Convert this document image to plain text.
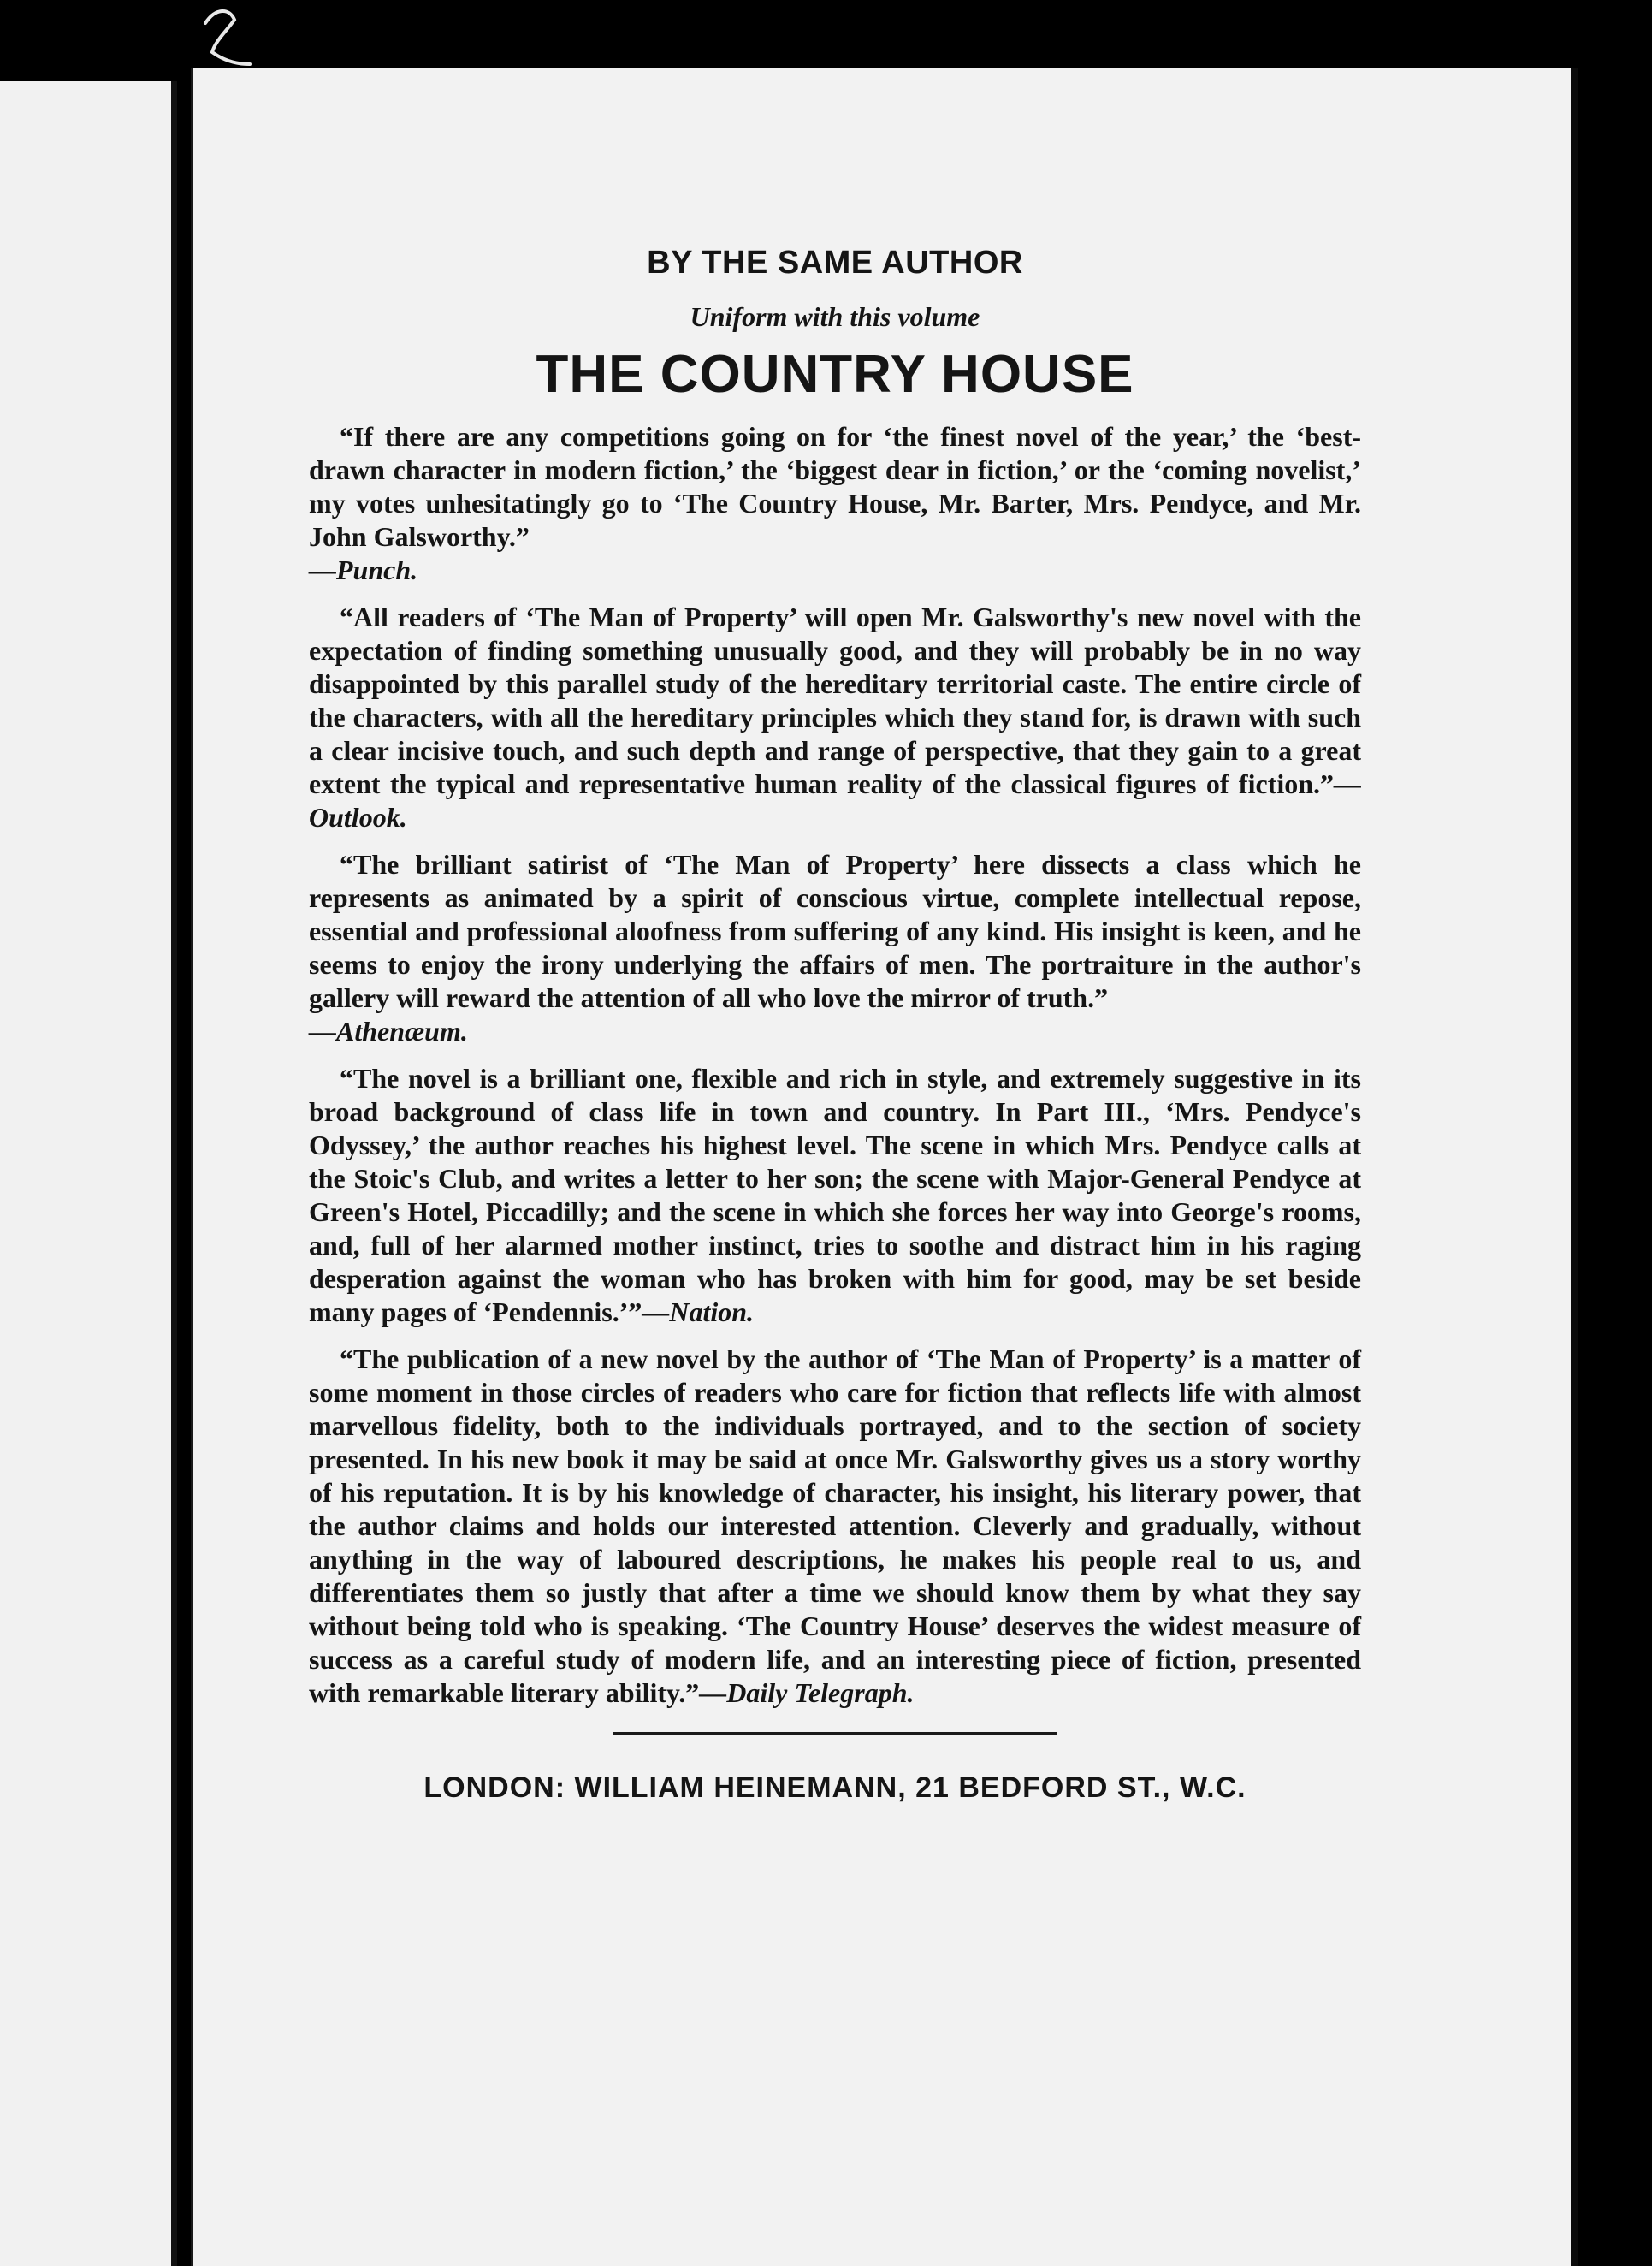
BY THE SAME AUTHOR
Uniform with this volume
THE COUNTRY HOUSE

“If there are any competitions going on for ‘the finest novel of the year,’ the ‘best-drawn character in modern fiction,’ the ‘biggest dear in fiction,’ or the ‘coming novelist,’ my votes unhesitatingly go to ‘The Country House, Mr. Barter, Mrs. Pendyce, and Mr. John Galsworthy.”
—Punch.

“All readers of ‘The Man of Property’ will open Mr. Galsworthy's new novel with the expectation of finding something unusually good, and they will probably be in no way disappointed by this parallel study of the hereditary territorial caste. The entire circle of the characters, with all the hereditary principles which they stand for, is drawn with such a clear incisive touch, and such depth and range of perspective, that they gain to a great extent the typical and representative human reality of the classical figures of fiction.”—Outlook.

“The brilliant satirist of ‘The Man of Property’ here dissects a class which he represents as animated by a spirit of conscious virtue, complete intellectual repose, essential and professional aloofness from suffering of any kind. His insight is keen, and he seems to enjoy the irony underlying the affairs of men. The portraiture in the author's gallery will reward the attention of all who love the mirror of truth.”
—Athenæum.

“The novel is a brilliant one, flexible and rich in style, and extremely suggestive in its broad background of class life in town and country. In Part III., ‘Mrs. Pendyce's Odyssey,’ the author reaches his highest level. The scene in which Mrs. Pendyce calls at the Stoic's Club, and writes a letter to her son; the scene with Major-General Pendyce at Green's Hotel, Piccadilly; and the scene in which she forces her way into George's rooms, and, full of her alarmed mother instinct, tries to soothe and distract him in his raging desperation against the woman who has broken with him for good, may be set beside many pages of ‘Pendennis.’”—Nation.

“The publication of a new novel by the author of ‘The Man of Property’ is a matter of some moment in those circles of readers who care for fiction that reflects life with almost marvellous fidelity, both to the individuals portrayed, and to the section of society presented. In his new book it may be said at once Mr. Galsworthy gives us a story worthy of his reputation. It is by his knowledge of character, his insight, his literary power, that the author claims and holds our interested attention. Cleverly and gradually, without anything in the way of laboured descriptions, he makes his people real to us, and differentiates them so justly that after a time we should know them by what they say without being told who is speaking. ‘The Country House’ deserves the widest measure of success as a careful study of modern life, and an interesting piece of fiction, presented with remarkable literary ability.”—Daily Telegraph.

LONDON: WILLIAM HEINEMANN, 21 BEDFORD ST., W.C.
